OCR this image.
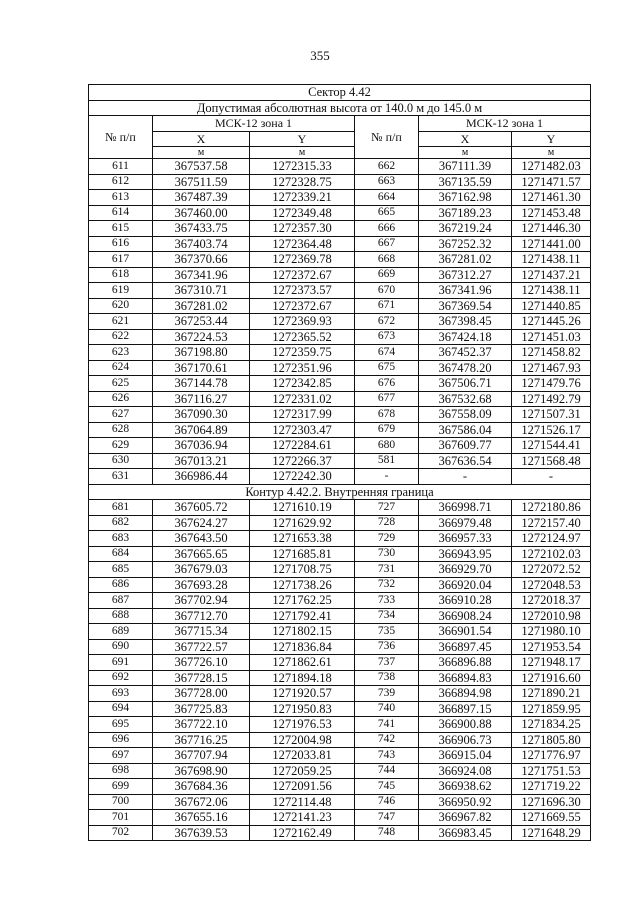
355
Сектор 4.42					
Допустимая абсолютная высота от 140.0 м до 145.0 м					
№ п/п	МСК-12 зона 1		№ п/п	МСК-12 зона 1	
	X	Y		X	Y
	м	м		м	м
611	367537.58	1272315.33	662	367111.39	1271482.03
612	367511.59	1272328.75	663	367135.59	1271471.57
613	367487.39	1272339.21	664	367162.98	1271461.30
614	367460.00	1272349.48	665	367189.23	1271453.48
615	367433.75	1272357.30	666	367219.24	1271446.30
616	367403.74	1272364.48	667	367252.32	1271441.00
617	367370.66	1272369.78	668	367281.02	1271438.11
618	367341.96	1272372.67	669	367312.27	1271437.21
619	367310.71	1272373.57	670	367341.96	1271438.11
620	367281.02	1272372.67	671	367369.54	1271440.85
621	367253.44	1272369.93	672	367398.45	1271445.26
622	367224.53	1272365.52	673	367424.18	1271451.03
623	367198.80	1272359.75	674	367452.37	1271458.82
624	367170.61	1272351.96	675	367478.20	1271467.93
625	367144.78	1272342.85	676	367506.71	1271479.76
626	367116.27	1272331.02	677	367532.68	1271492.79
627	367090.30	1272317.99	678	367558.09	1271507.31
628	367064.89	1272303.47	679	367586.04	1271526.17
629	367036.94	1272284.61	680	367609.77	1271544.41
630	367013.21	1272266.37	581	367636.54	1271568.48
631	366986.44	1272242.30	-	-	-
Контур 4.42.2. Внутренняя граница					
681	367605.72	1271610.19	727	366998.71	1272180.86
682	367624.27	1271629.92	728	366979.48	1272157.40
683	367643.50	1271653.38	729	366957.33	1272124.97
684	367665.65	1271685.81	730	366943.95	1272102.03
685	367679.03	1271708.75	731	366929.70	1272072.52
686	367693.28	1271738.26	732	366920.04	1272048.53
687	367702.94	1271762.25	733	366910.28	1272018.37
688	367712.70	1271792.41	734	366908.24	1272010.98
689	367715.34	1271802.15	735	366901.54	1271980.10
690	367722.57	1271836.84	736	366897.45	1271953.54
691	367726.10	1271862.61	737	366896.88	1271948.17
692	367728.15	1271894.18	738	366894.83	1271916.60
693	367728.00	1271920.57	739	366894.98	1271890.21
694	367725.83	1271950.83	740	366897.15	1271859.95
695	367722.10	1271976.53	741	366900.88	1271834.25
696	367716.25	1272004.98	742	366906.73	1271805.80
697	367707.94	1272033.81	743	366915.04	1271776.97
698	367698.90	1272059.25	744	366924.08	1271751.53
699	367684.36	1272091.56	745	366938.62	1271719.22
700	367672.06	1272114.48	746	366950.92	1271696.30
701	367655.16	1272141.23	747	366967.82	1271669.55
702	367639.53	1272162.49	748	366983.45	1271648.29
